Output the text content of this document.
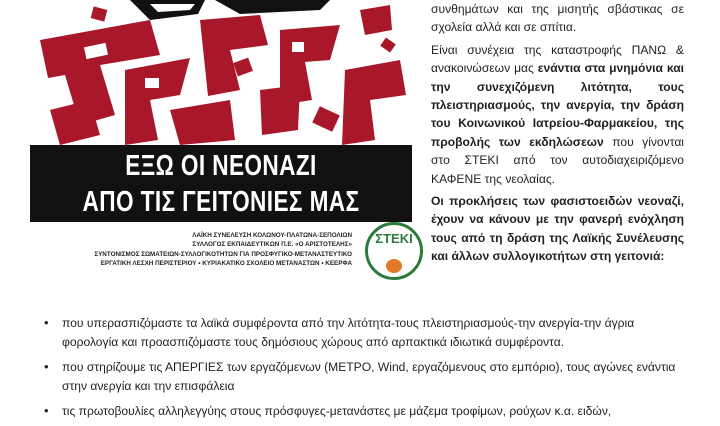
ΕΞΩ ΟΙ ΝΕΟΝΑΖΙ
ΑΠΟ ΤΙΣ ΓΕΙΤΟΝΙΕΣ ΜΑΣ
ΛΑΪΚΗ ΣΥΝΕΛΕΥΣΗ ΚΟΛΩΝΟΥ-ΠΛΑΤΩΝΑ-ΣΕΠΟΛΙΩΝ
ΣΥΛΛΟΓΟΣ ΕΚΠΑΙΔΕΥΤΙΚΩΝ Π.Ε. «Ο ΑΡΙΣΤΟΤΕΛΗΣ»
ΣΥΝΤΟΝΙΣΜΟΣ ΣΩΜΑΤΕΙΩΝ-ΣΥΛΛΟΓΙΚΟΤΗΤΩΝ ΓΙΑ ΠΡΟΣΦΥΓΙΚΟ-ΜΕΤΑΝΑΣΤΕΥΤΙΚΟ
ΕΡΓΑΤΙΚΗ ΛΕΣΧΗ ΠΕΡΙΣΤΕΡΙΟΥ • ΚΥΡΙΑΚΑΤΙΚΟ ΣΧΟΛΕΙΟ ΜΕΤΑΝΑΣΤΩΝ • ΚΕΕΡΦΑ
ΣΤΕΚΙ

συνθημάτων και της μισητής σβάστικας σε σχολεία αλλά και σε σπίτια.

Είναι συνέχεια της καταστροφής ΠΑΝΩ & ανακοινώσεων μας ενάντια στα μνημόνια και την συνεχιζόμενη λιτότητα, τους πλειστηριασμούς, την ανεργία, την δράση του Κοινωνικού Ιατρείου-Φαρμακείου, της προβολής των εκδηλώσεων που γίνονται στο ΣΤΕΚΙ από τον αυτοδιαχειριζόμενο ΚΑΦΕΝΕ της νεολαίας.

Οι προκλήσεις των φασιστοειδών νεοναζί, έχουν να κάνουν με την φανερή ενόχληση τους από τη δράση της Λαϊκής Συνέλευσης και άλλων συλλογικοτήτων στη γειτονιά:

•	που υπερασπιζόμαστε τα λαϊκά συμφέροντα από την λιτότητα-τους πλειστηριασμούς-την ανεργία-την άγρια φορολογία και προασπιζόμαστε τους δημόσιους χώρους από αρπακτικά ιδιωτικά συμφέροντα.
•	που στηρίζουμε τις ΑΠΕΡΓΙΕΣ των εργαζόμενων (ΜΕΤΡΟ, Wind, εργαζόμενους στο εμπόριο), τους αγώνες ενάντια στην ανεργία και την επισφάλεια
•	τις πρωτοβουλίες αλληλεγγύης στους πρόσφυγες-μετανάστες με μάζεμα τροφίμων, ρούχων κ.α. ειδών,
